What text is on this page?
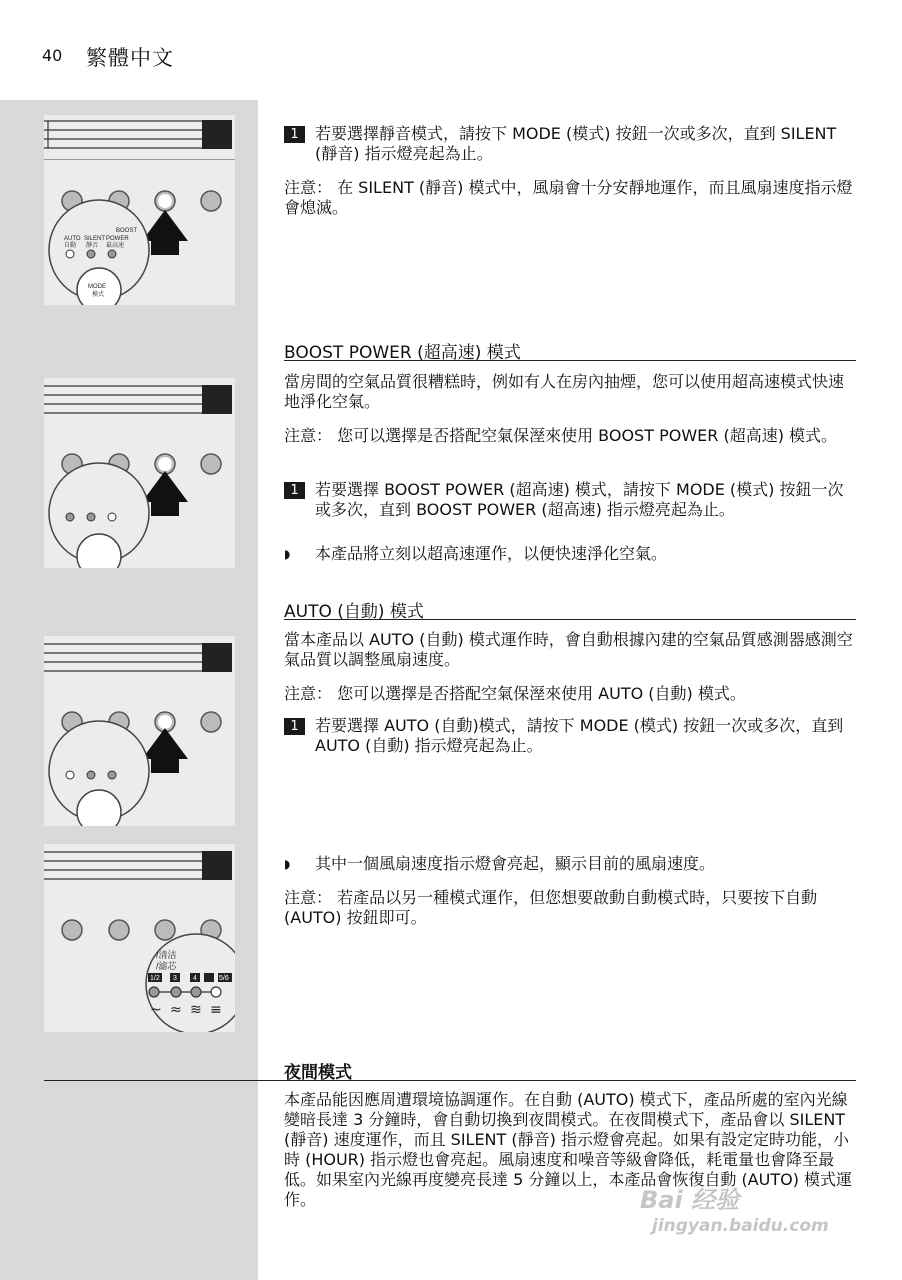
40 繁體中文
BOOST
AUTO SILENT POWER
自動 靜音 最高速
MODE
模式
1	若要選擇靜音模式，請按下 MODE (模式) 按鈕一次或多次，直到 SILENT (靜音) 指示燈亮起為止。

注意： 在 SILENT (靜音) 模式中，風扇會十分安靜地運作，而且風扇速度指示燈會熄滅。

BOOST POWER (超高速) 模式

當房間的空氣品質很糟糕時，例如有人在房內抽煙，您可以使用超高速模式快速地淨化空氣。

注意： 您可以選擇是否搭配空氣保溼來使用 BOOST POWER (超高速) 模式。

1	若要選擇 BOOST POWER (超高速) 模式，請按下 MODE (模式) 按鈕一次或多次，直到 BOOST POWER (超高速) 指示燈亮起為止。
◗ 本產品將立刻以超高速運作，以便快速淨化空氣。
AUTO (自動) 模式

當本產品以 AUTO (自動) 模式運作時，會自動根據內建的空氣品質感測器感測空氣品質以調整風扇速度。

注意： 您可以選擇是否搭配空氣保溼來使用 AUTO (自動) 模式。

1	若要選擇 AUTO (自動)模式，請按下 MODE (模式) 按鈕一次或多次，直到 AUTO (自動) 指示燈亮起為止。
/清洁
/滤芯
1/2 3 4	5/6
~ ≈ ≋ ≡
◗ 其中一個風扇速度指示燈會亮起，顯示目前的風扇速度。

注意： 若產品以另一種模式運作，但您想要啟動自動模式時，只要按下自動 (AUTO) 按鈕即可。

夜間模式

本產品能因應周遭環境協調運作。在自動 (AUTO) 模式下，產品所處的室內光線變暗長達 3 分鐘時，會自動切換到夜間模式。在夜間模式下，產品會以 SILENT (靜音) 速度運作，而且 SILENT (靜音) 指示燈會亮起。如果有設定定時功能，小時 (HOUR) 指示燈也會亮起。風扇速度和噪音等級會降低，耗電量也會降至最低。如果室內光線再度變亮長達 5 分鐘以上，本產品會恢復自動 (AUTO) 模式運作。	Bai 经验
jingyan.baidu.com
